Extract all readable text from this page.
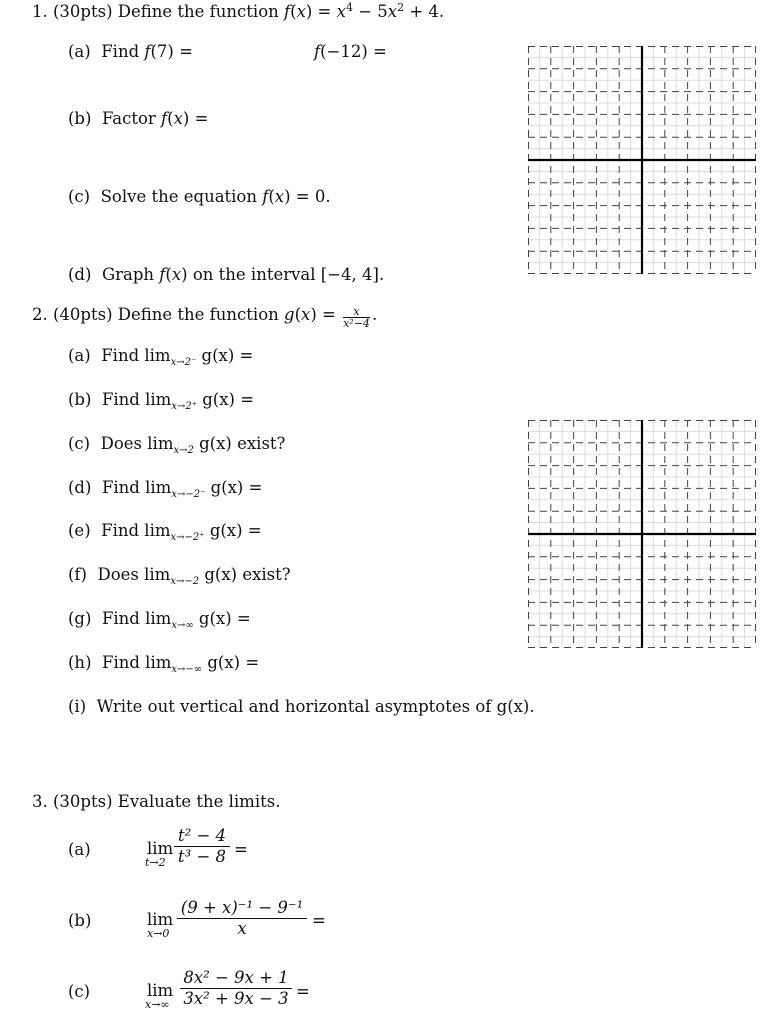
1. (30pts) Define the function $f(x) = x^4 - 5x^2 + 4$.
(a) Find f(7) =	f(−12) =
(b) Factor f(x) =
(c) Solve the equation f(x) = 0.
(d) Graph f(x) on the interval [−4, 4].
2. (40pts) Define the function $g(x) = \frac{x}{\text{x²−4}}$ .
(a) Find $\lim_{x\to 2^-} g(x)$ =
(b) Find $\lim_{x\to 2^+} g(x)$ =
(c) Does $\lim_{x\to 2} g(x)$ exist?
(d) Find $\lim_{x\to-2^-} g(x)$ =
(e) Find $\lim_{x\to-2^+} g(x)$ =
(f) Does $\lim_{x\to-2} g(x)$ exist?
(g) Find $\lim_{x\to\infty} g(x)$ =
(h) Find $\lim_{x\to-\infty} g(x)$ =
(i) Write out vertical and horizontal asymptotes of g(x).
3. (30pts) Evaluate the limits.
(a)	lim
t→2
t² − 4
t³ − 8 =
(b)	lim
x→0
(9 + x)⁻¹ − 9⁻¹
x	=
(c)	lim
x→∞
8x² − 9x + 1
3x² + 9x − 3 =
